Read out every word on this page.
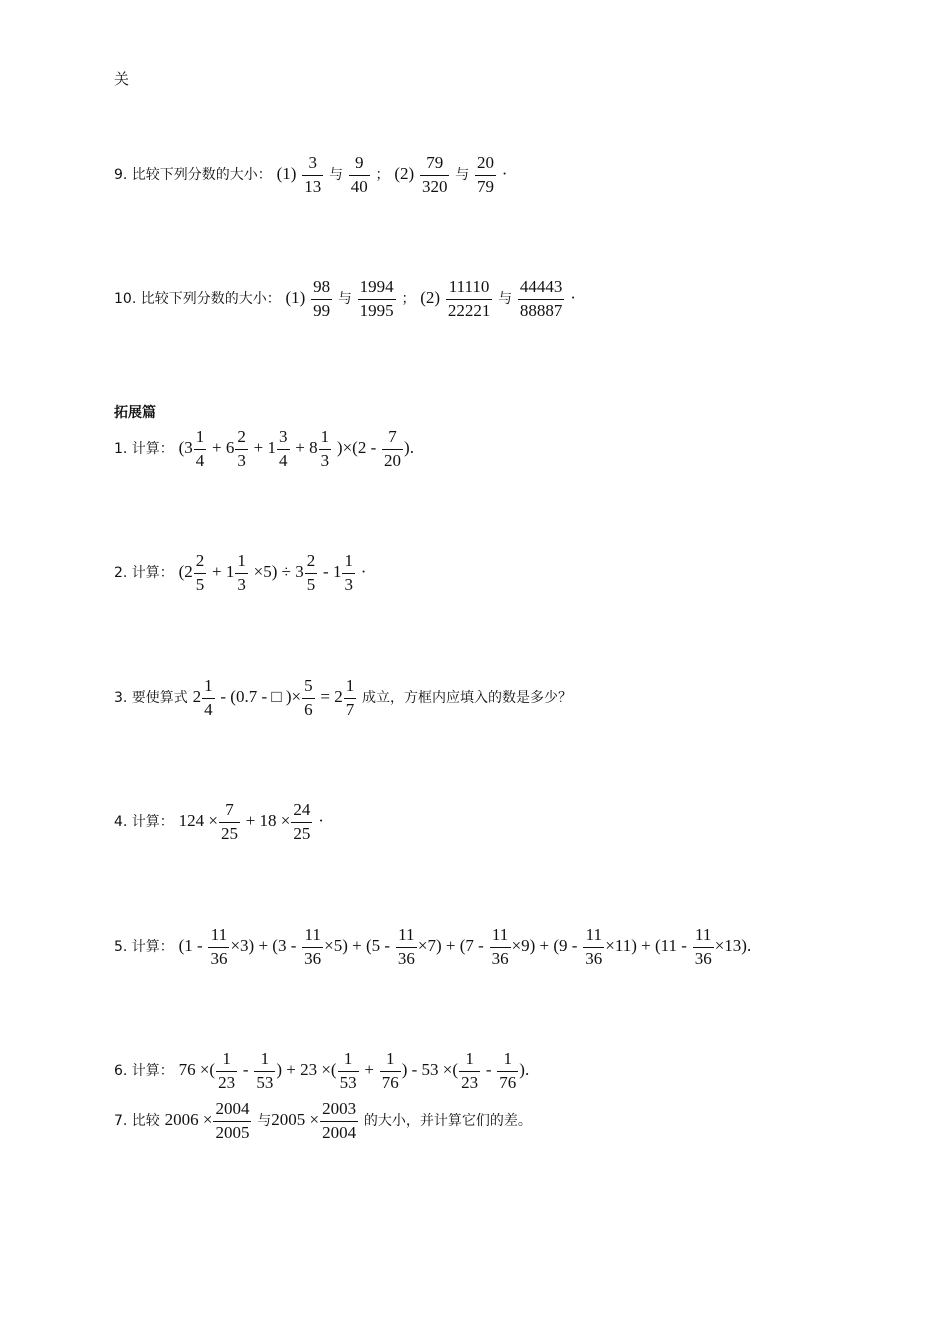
关
9. 比较下列分数的大小： $(1) \frac{3}{13}$ 与 $\frac{9}{40}$ ； $(2) \frac{79}{320}$ 与 $\frac{20}{79}$ ·
10. 比较下列分数的大小： $(1) \frac{98}{99}$ 与 $\frac{1994}{1995}$ ； $(2) \frac{11110}{22221}$ 与 $\frac{44443}{88887}$ ·
拓展篇
1. 计算： $(3 \frac{1}{4} + 6 \frac{2}{3} + 1 \frac{3}{4} + 8 \frac{1}{3} )\times(2 - \frac{7}{20}$ ).
2. 计算： $(2 \frac{2}{5} + 1 \frac{1}{3} \times 5) \div 3 \frac{2}{5} - 1 \frac{1}{3}$ ·
3. 要使算式 $2 \frac{1}{4} - (0.7$ - □ )× $\frac{5}{6} = 2 \frac{1}{7}$ 成立，方框内应填入的数是多少？
4. 计算： $124 \times \frac{7}{25} + 18 \times \frac{24}{25}$ ·
5. 计算： $(1 - \frac{11}{36} \times 3) + (3 - \frac{11}{36} \times 5) + (5 - \frac{11}{36} \times 7) + (7 - \frac{11}{36} \times 9) + (9 - \frac{11}{36} \times 11) + (11 - \frac{11}{36} \times 13)$.
6. 计算： 76 ×( $\frac{1}{23} - \frac{1}{53}$ ) + 23 ×( $\frac{1}{53} + \frac{1}{76}$ ) - 53 ×( $\frac{1}{23} - \frac{1}{76}$ ).
7. 比较 $2006 \times \frac{2004}{2005}$ 与$2005 \times \frac{2003}{2004}$ 的大小，并计算它们的差。
